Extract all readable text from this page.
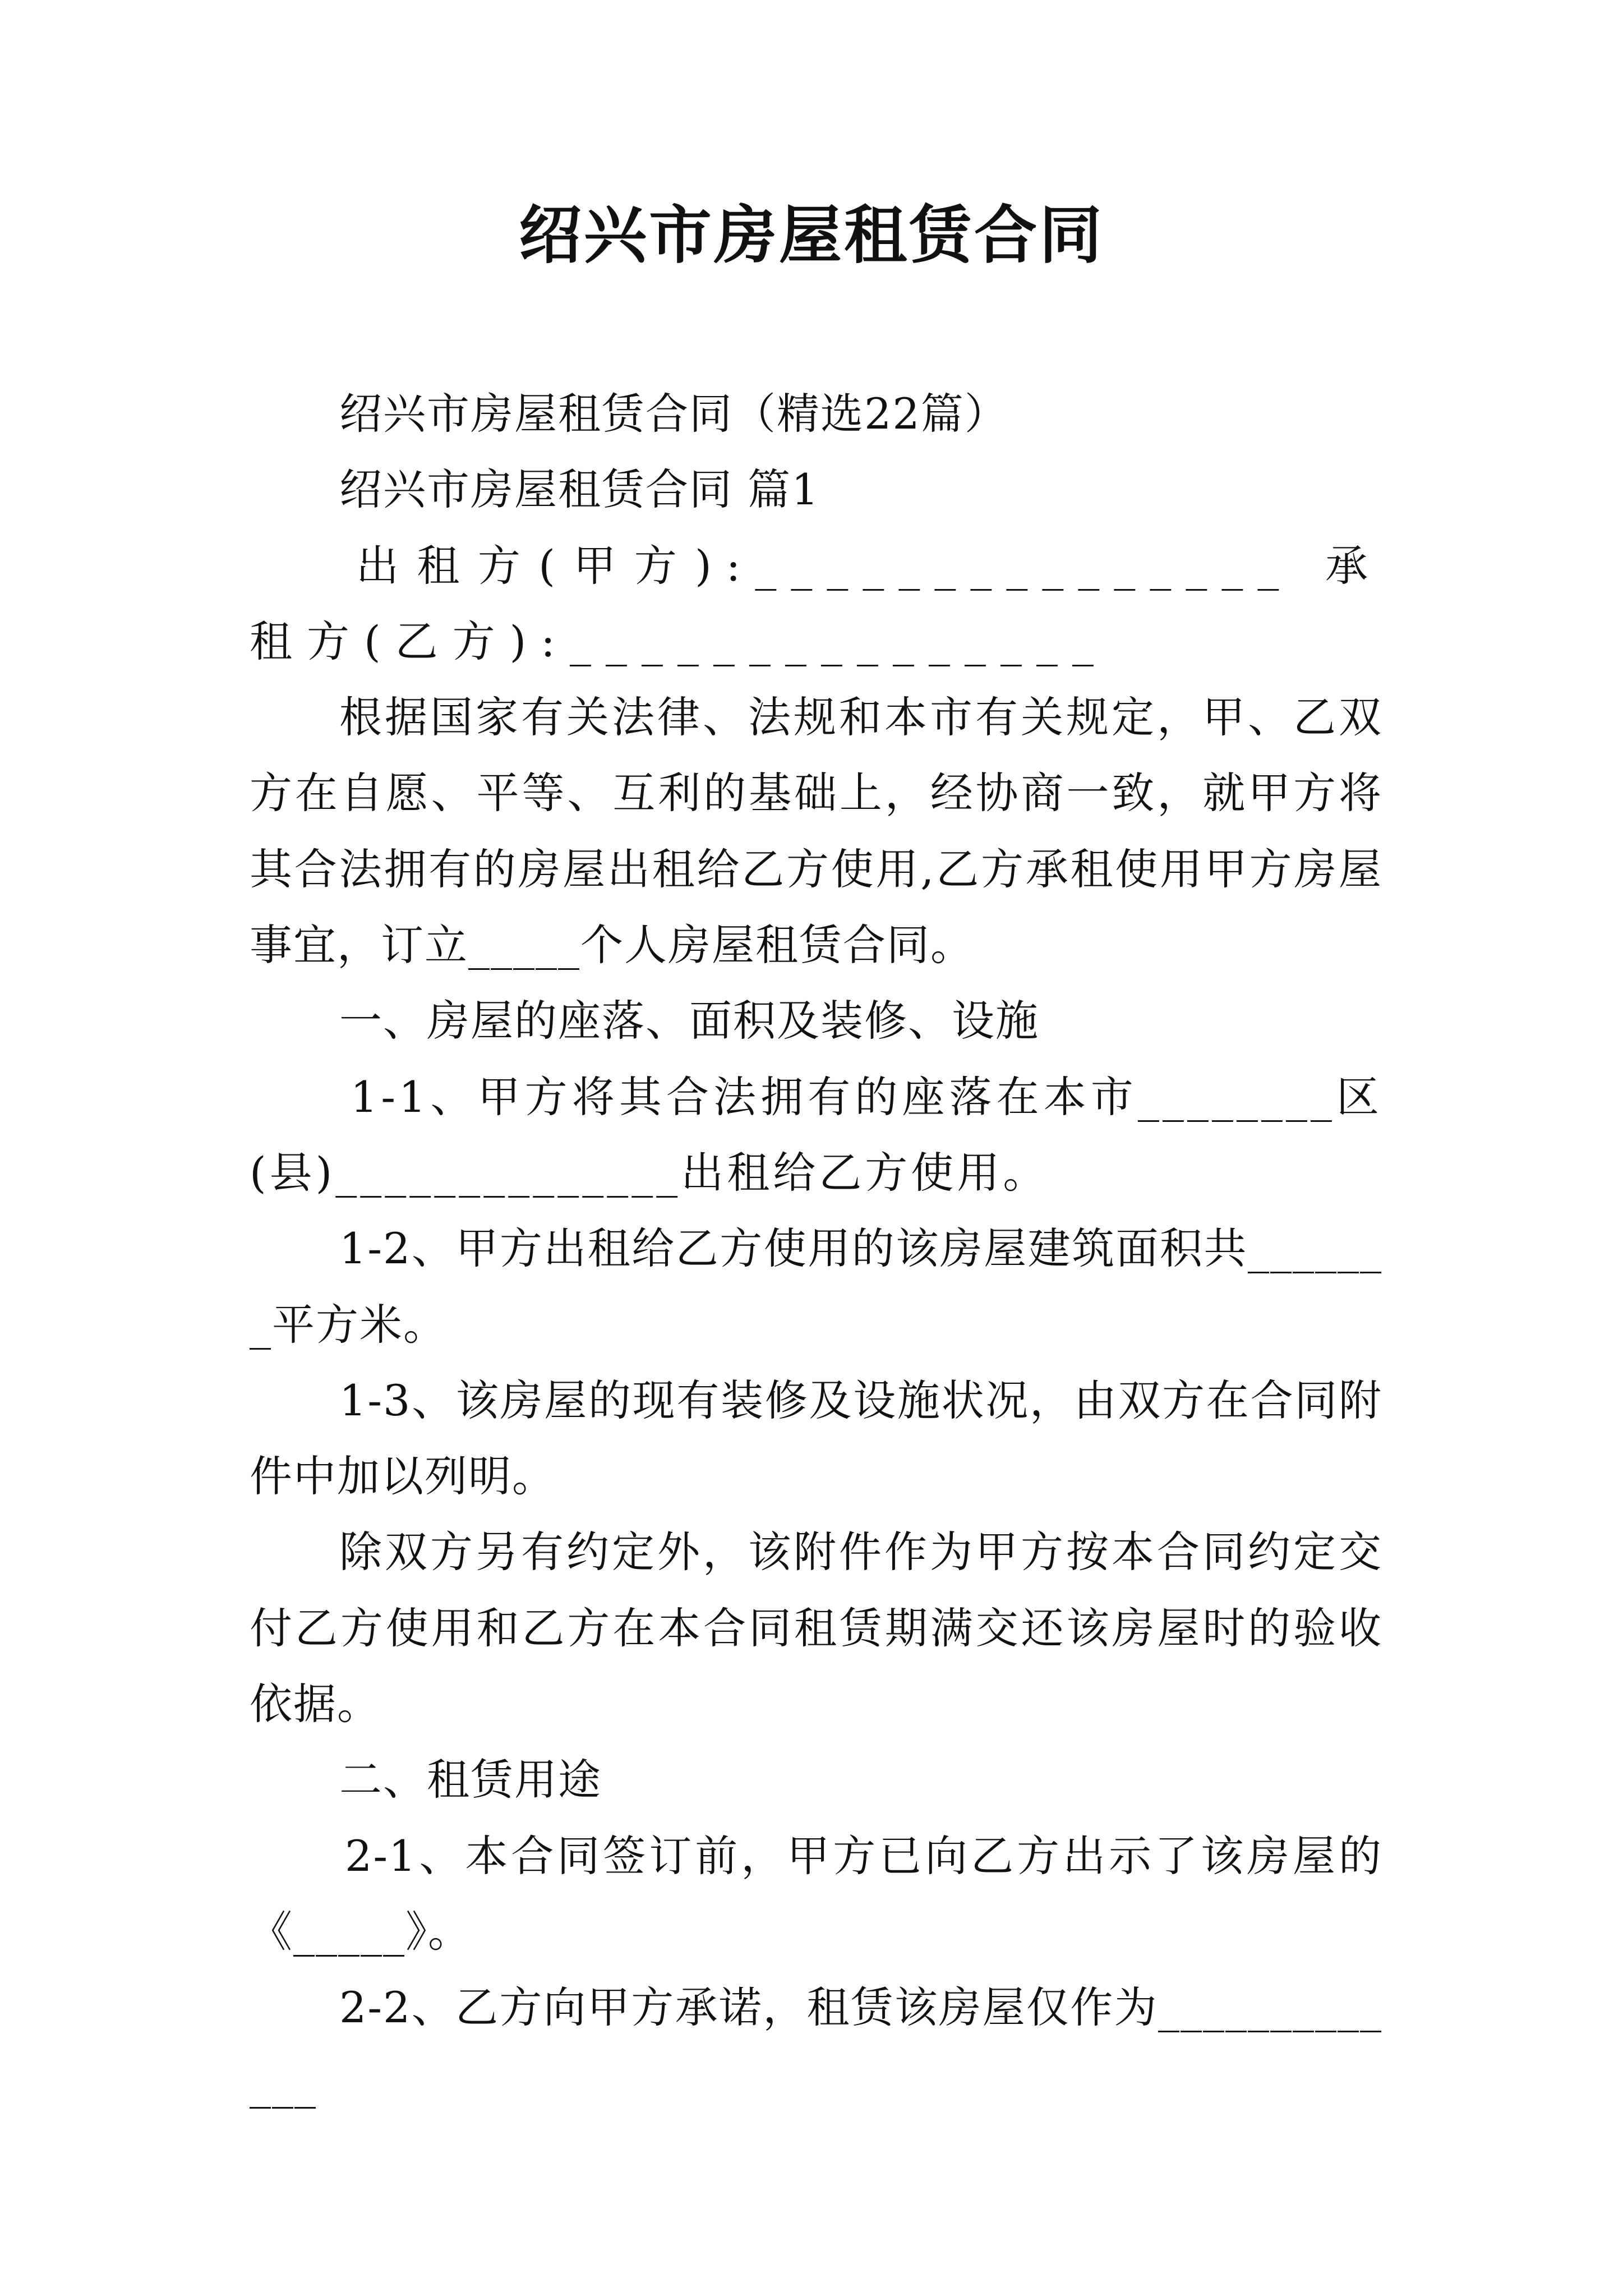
绍兴市房屋租赁合同

绍兴市房屋租赁合同（精选22篇）

绍兴市房屋租赁合同 篇1

出租方(甲方):_______________ 承租方(乙方):_______________

根据国家有关法律、法规和本市有关规定，甲、乙双方在自愿、平等、互利的基础上，经协商一致，就甲方将其合法拥有的房屋出租给乙方使用,乙方承租使用甲方房屋事宜，订立_____个人房屋租赁合同。

一、房屋的座落、面积及装修、设施

1-1、甲方将其合法拥有的座落在本市________区(县)______________出租给乙方使用。

1-2、甲方出租给乙方使用的该房屋建筑面积共_______平方米。

1-3、该房屋的现有装修及设施状况，由双方在合同附件中加以列明。

除双方另有约定外，该附件作为甲方按本合同约定交付乙方使用和乙方在本合同租赁期满交还该房屋时的验收依据。

二、租赁用途

2-1、本合同签订前，甲方已向乙方出示了该房屋的《_____》。

2-2、乙方向甲方承诺，租赁该房屋仅作为_____________
